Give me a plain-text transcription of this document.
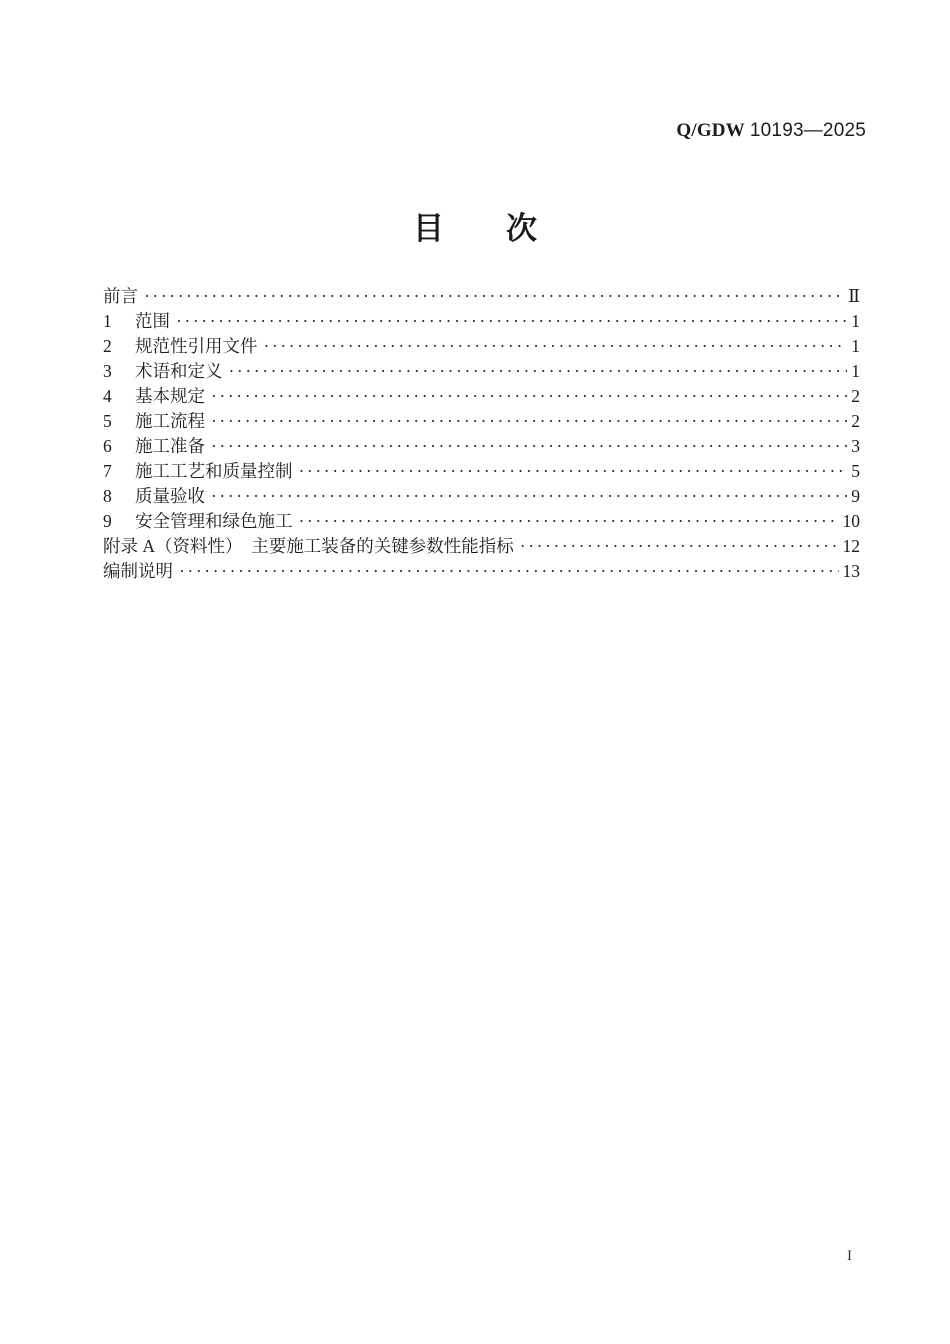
Q/GDW 10193—2025
目　　次
前言 ·····	Ⅱ
1	范围 ·····	1
2	规范性引用文件 ·····	1
3	术语和定义 ·····	1
4	基本规定 ·····	2
5	施工流程 ·····	2
6	施工准备 ·····	3
7	施工工艺和质量控制 ·····	5
8	质量验收 ·····	9
9	安全管理和绿色施工 ·····	10
附录 A（资料性）　主要施工装备的关键参数性能指标 ·····	12
编制说明 ·····	13
I
